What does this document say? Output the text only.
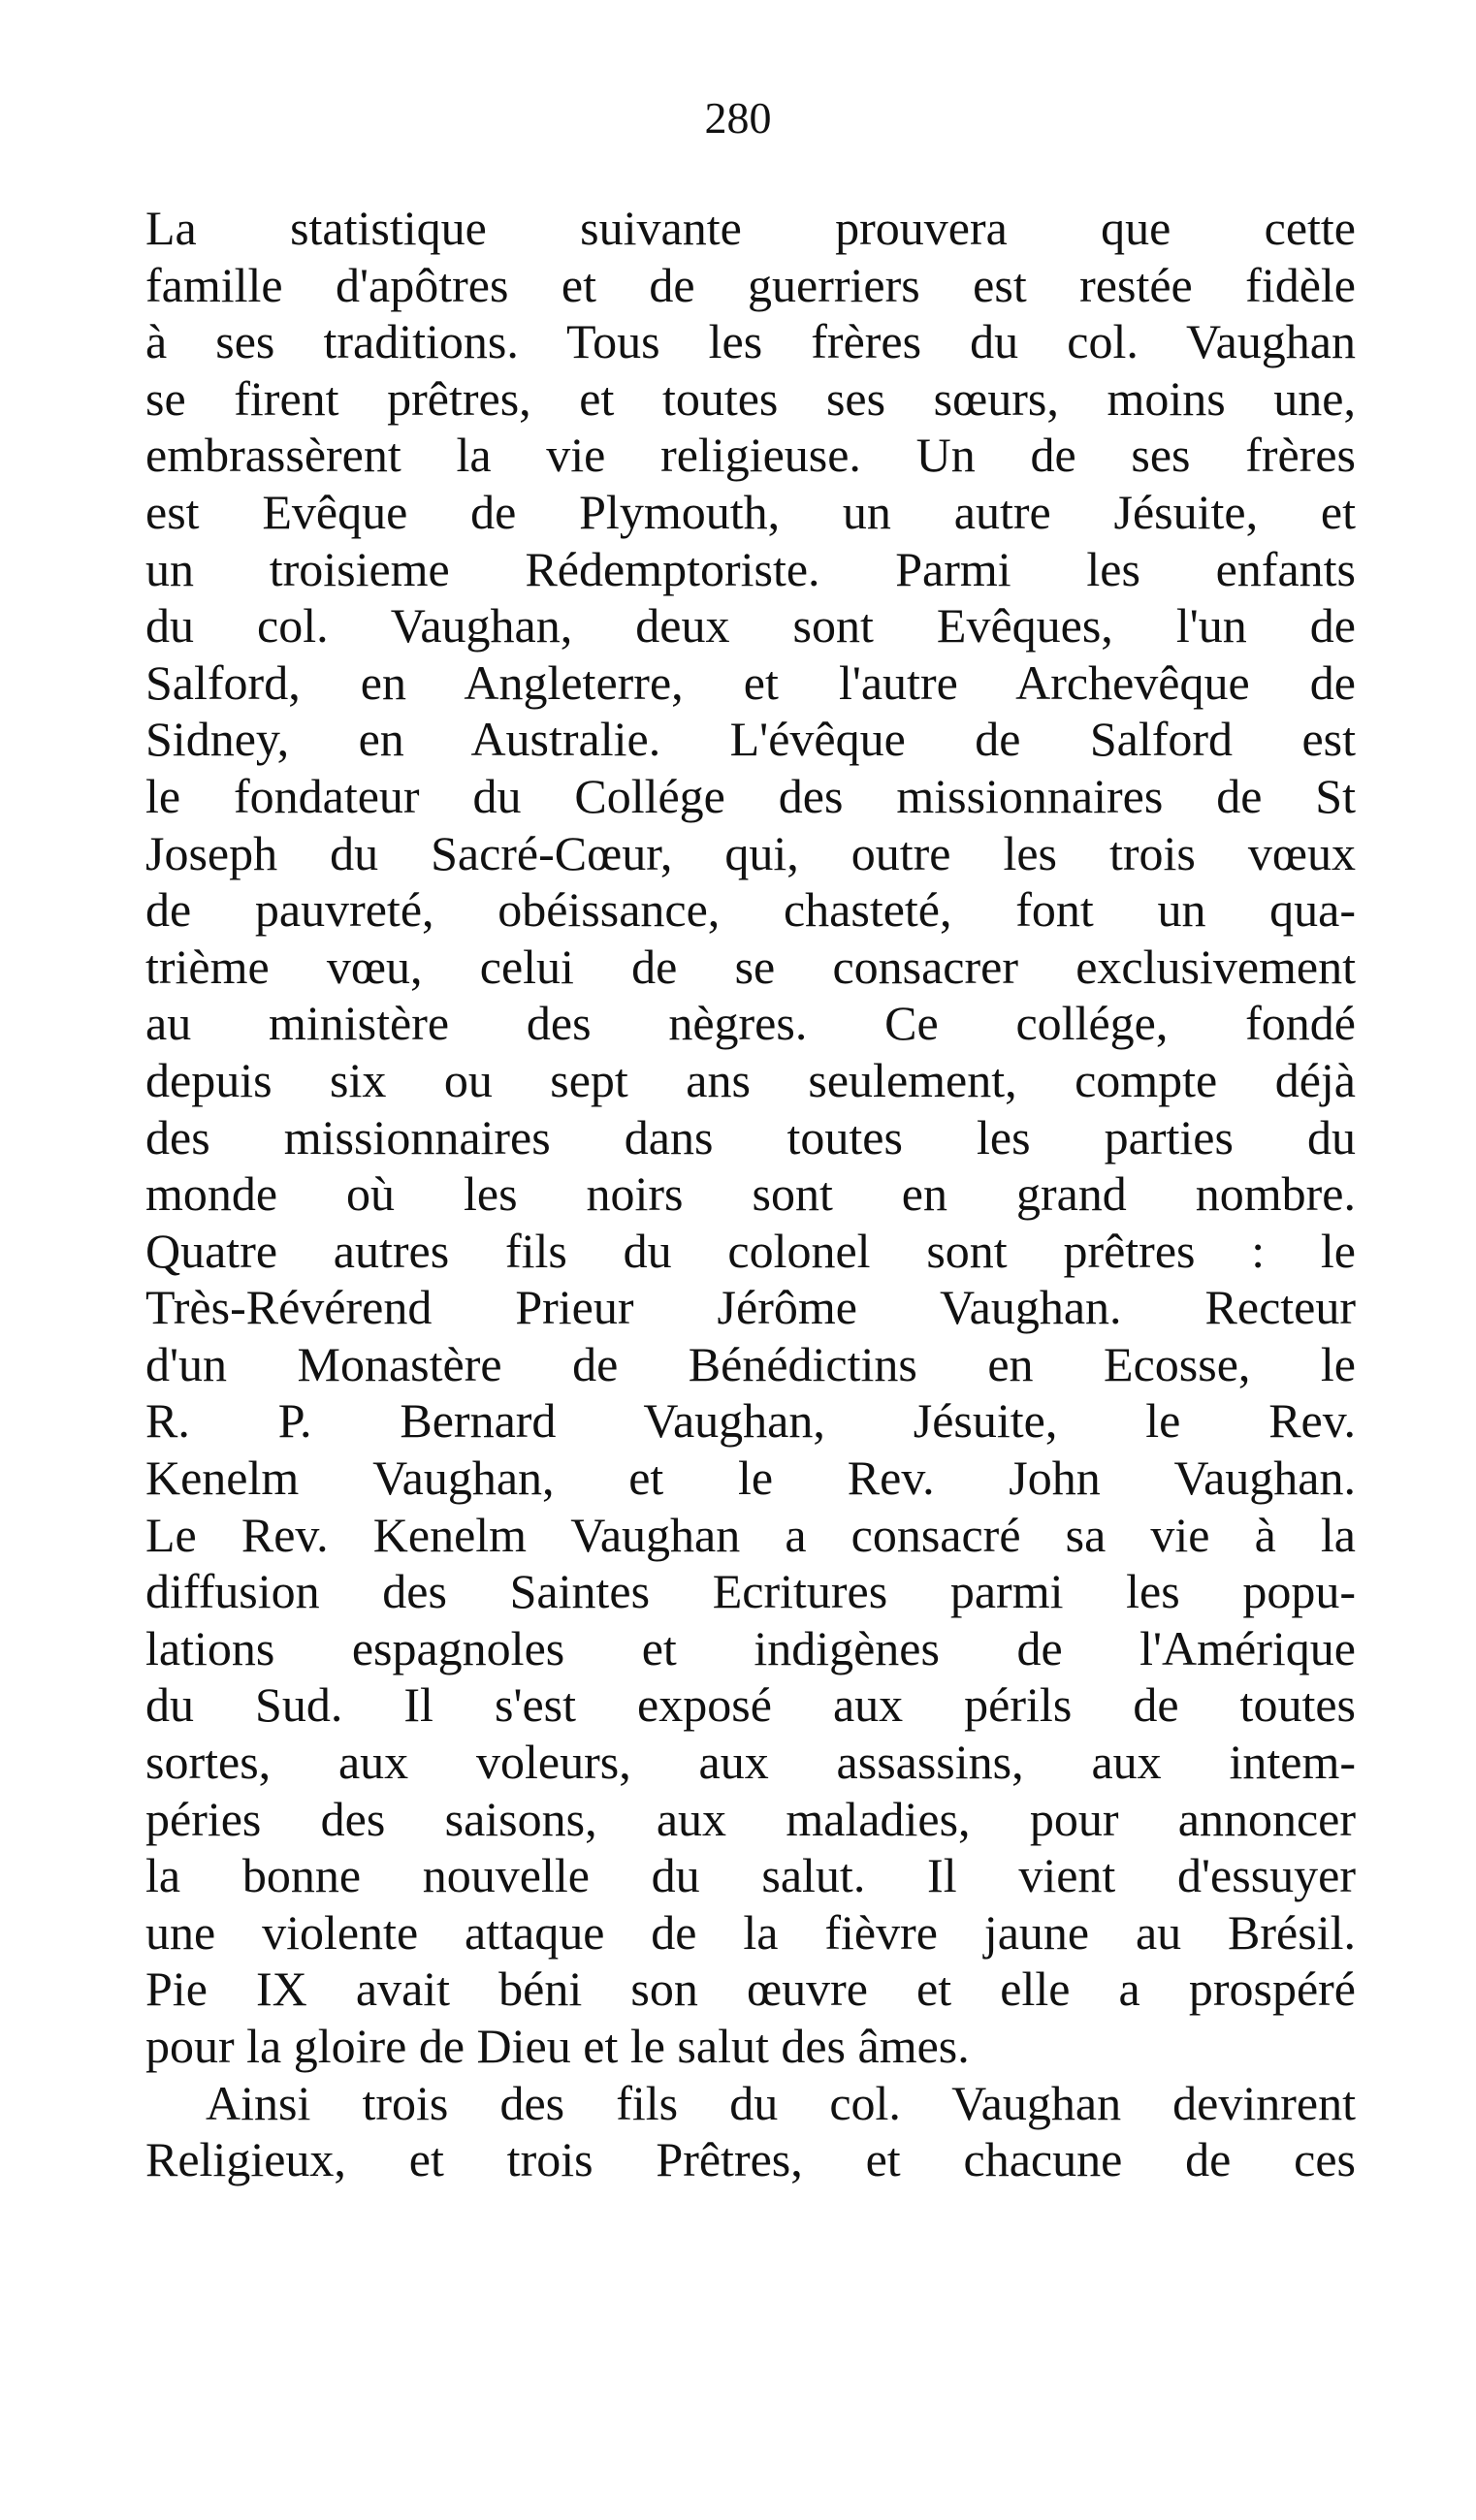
280
La statistique suivante prouvera que cette
famille d'apôtres et de guerriers est restée fidèle
à ses traditions. Tous les frères du col. Vaughan
se firent prêtres, et toutes ses sœurs, moins une,
embrassèrent la vie religieuse. Un de ses frères
est Evêque de Plymouth, un autre Jésuite, et
un troisieme Rédemptoriste. Parmi les enfants
du col. Vaughan, deux sont Evêques, l'un de
Salford, en Angleterre, et l'autre Archevêque de
Sidney, en Australie. L'évêque de Salford est
le fondateur du Collége des missionnaires de St
Joseph du Sacré-Cœur, qui, outre les trois vœux
de pauvreté, obéissance, chasteté, font un qua-
trième vœu, celui de se consacrer exclusivement
au ministère des nègres. Ce collége, fondé
depuis six ou sept ans seulement, compte déjà
des missionnaires dans toutes les parties du
monde où les noirs sont en grand nombre.
Quatre autres fils du colonel sont prêtres : le
Très-Révérend Prieur Jérôme Vaughan. Recteur
d'un Monastère de Bénédictins en Ecosse, le
R. P. Bernard Vaughan, Jésuite, le Rev.
Kenelm Vaughan, et le Rev. John Vaughan.
Le Rev. Kenelm Vaughan a consacré sa vie à la
diffusion des Saintes Ecritures parmi les popu-
lations espagnoles et indigènes de l'Amérique
du Sud. Il s'est exposé aux périls de toutes
sortes, aux voleurs, aux assassins, aux intem-
péries des saisons, aux maladies, pour annoncer
la bonne nouvelle du salut. Il vient d'essuyer
une violente attaque de la fièvre jaune au Brésil.
Pie IX avait béni son œuvre et elle a prospéré
pour la gloire de Dieu et le salut des âmes.
Ainsi trois des fils du col. Vaughan devinrent
Religieux, et trois Prêtres, et chacune de ces
